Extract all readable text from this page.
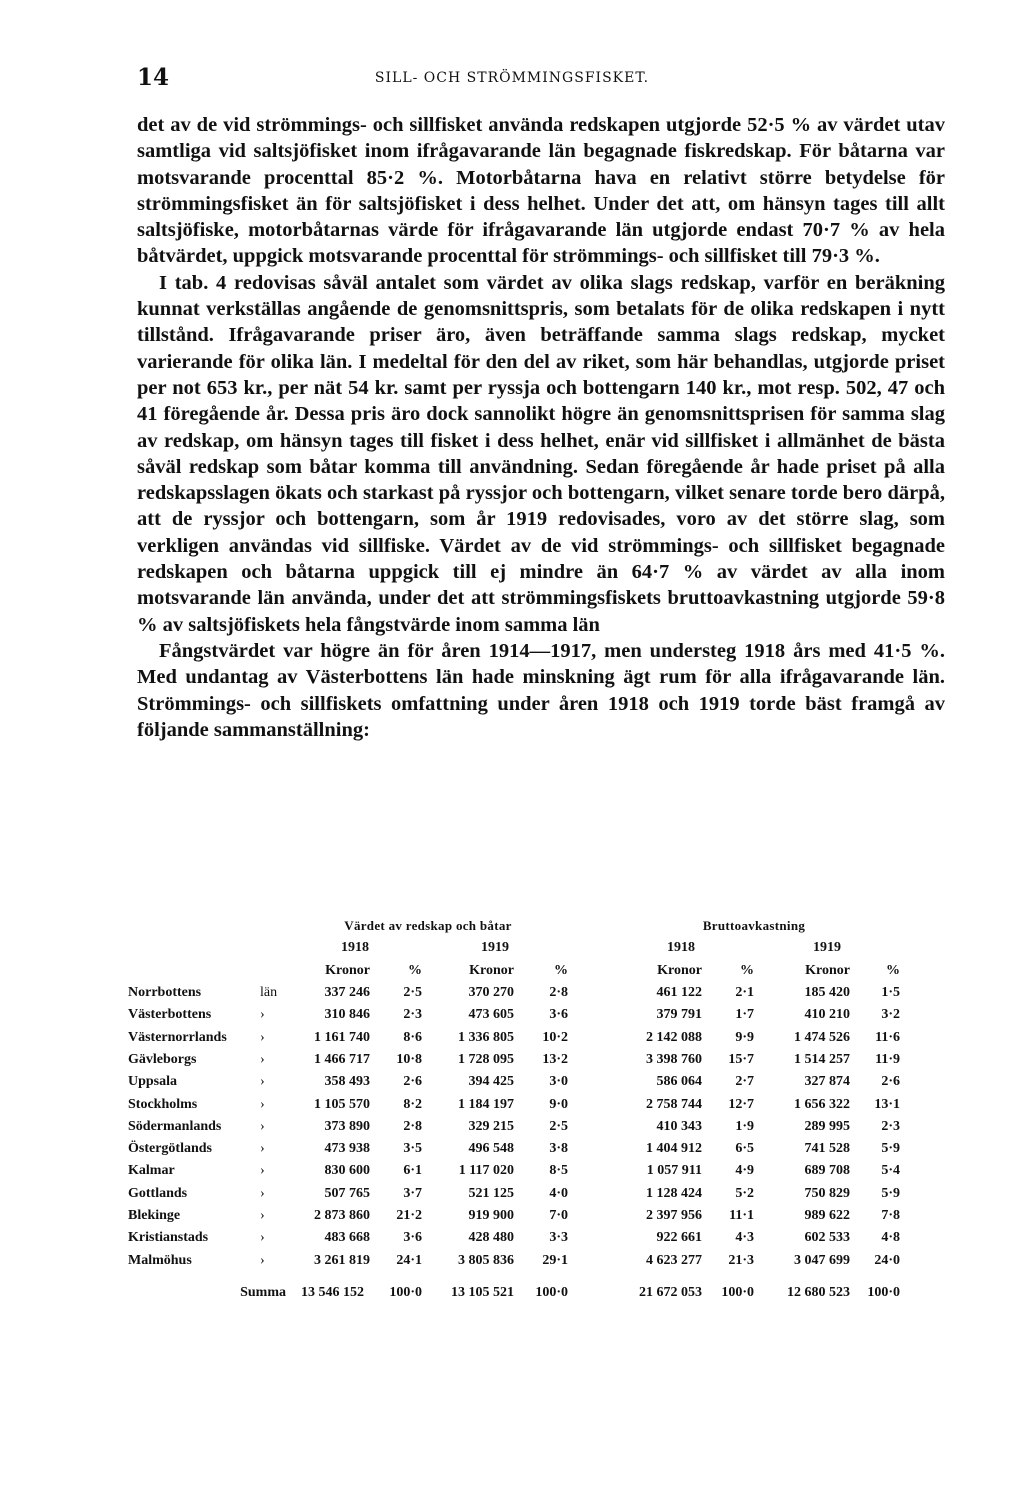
14	SILL- OCH STRÖMMINGSFISKET.

det av de vid strömmings- och sillfisket använda redskapen utgjorde 52·5 % av värdet utav samtliga vid saltsjöfisket inom ifrågavarande län begagnade fiskredskap. För båtarna var motsvarande procenttal 85·2 %. Motorbåtarna hava en relativt större betydelse för strömmingsfisket än för saltsjöfisket i dess helhet. Under det att, om hänsyn tages till allt saltsjöfiske, motorbåtarnas värde för ifrågavarande län utgjorde endast 70·7 % av hela båtvärdet, uppgick motsvarande procenttal för strömmings- och sillfisket till 79·3 %.

I tab. 4 redovisas såväl antalet som värdet av olika slags redskap, varför en beräkning kunnat verkställas angående de genomsnittspris, som betalats för de olika redskapen i nytt tillstånd. Ifrågavarande priser äro, även beträffande samma slags redskap, mycket varierande för olika län. I medeltal för den del av riket, som här behandlas, utgjorde priset per not 653 kr., per nät 54 kr. samt per ryssja och bottengarn 140 kr., mot resp. 502, 47 och 41 föregående år. Dessa pris äro dock sannolikt högre än genomsnittsprisen för samma slag av redskap, om hänsyn tages till fisket i dess helhet, enär vid sillfisket i allmänhet de bästa såväl redskap som båtar komma till användning. Sedan föregående år hade priset på alla redskapsslagen ökats och starkast på ryssjor och bottengarn, vilket senare torde bero därpå, att de ryssjor och bottengarn, som år 1919 redovisades, voro av det större slag, som verkligen användas vid sillfiske. Värdet av de vid strömmings- och sillfisket begagnade redskapen och båtarna uppgick till ej mindre än 64·7 % av värdet av alla inom motsvarande län använda, under det att strömmingsfiskets bruttoavkastning utgjorde 59·8 % av saltsjöfiskets hela fångstvärde inom samma län

Fångstvärdet var högre än för åren 1914—1917, men understeg 1918 års med 41·5 %. Med undantag av Västerbottens län hade minskning ägt rum för alla ifrågavarande län. Strömmings- och sillfiskets omfattning under åren 1918 och 1919 torde bäst framgå av följande sammanställning:

		Värdet av redskap och båtar					Bruttoavkastning			
		1918		1919			1918		1919	
		Kronor	%	Kronor	%		Kronor	%	Kronor	%
Norrbottens	län	337 246	2·5	370 270	2·8		461 122	2·1	185 420	1·5
Västerbottens	›	310 846	2·3	473 605	3·6		379 791	1·7	410 210	3·2
Västernorrlands	›	1 161 740	8·6	1 336 805	10·2		2 142 088	9·9	1 474 526	11·6
Gävleborgs	›	1 466 717	10·8	1 728 095	13·2		3 398 760	15·7	1 514 257	11·9
Uppsala	›	358 493	2·6	394 425	3·0		586 064	2·7	327 874	2·6
Stockholms	›	1 105 570	8·2	1 184 197	9·0		2 758 744	12·7	1 656 322	13·1
Södermanlands	›	373 890	2·8	329 215	2·5		410 343	1·9	289 995	2·3
Östergötlands	›	473 938	3·5	496 548	3·8		1 404 912	6·5	741 528	5·9
Kalmar	›	830 600	6·1	1 117 020	8·5		1 057 911	4·9	689 708	5·4
Gottlands	›	507 765	3·7	521 125	4·0		1 128 424	5·2	750 829	5·9
Blekinge	›	2 873 860	21·2	919 900	7·0		2 397 956	11·1	989 622	7·8
Kristianstads	›	483 668	3·6	428 480	3·3		922 661	4·3	602 533	4·8
Malmöhus	›	3 261 819	24·1	3 805 836	29·1		4 623 277	21·3	3 047 699	24·0
Summa 13 546 152			100·0	13 105 521	100·0		21 672 053	100·0	12 680 523	100·0
